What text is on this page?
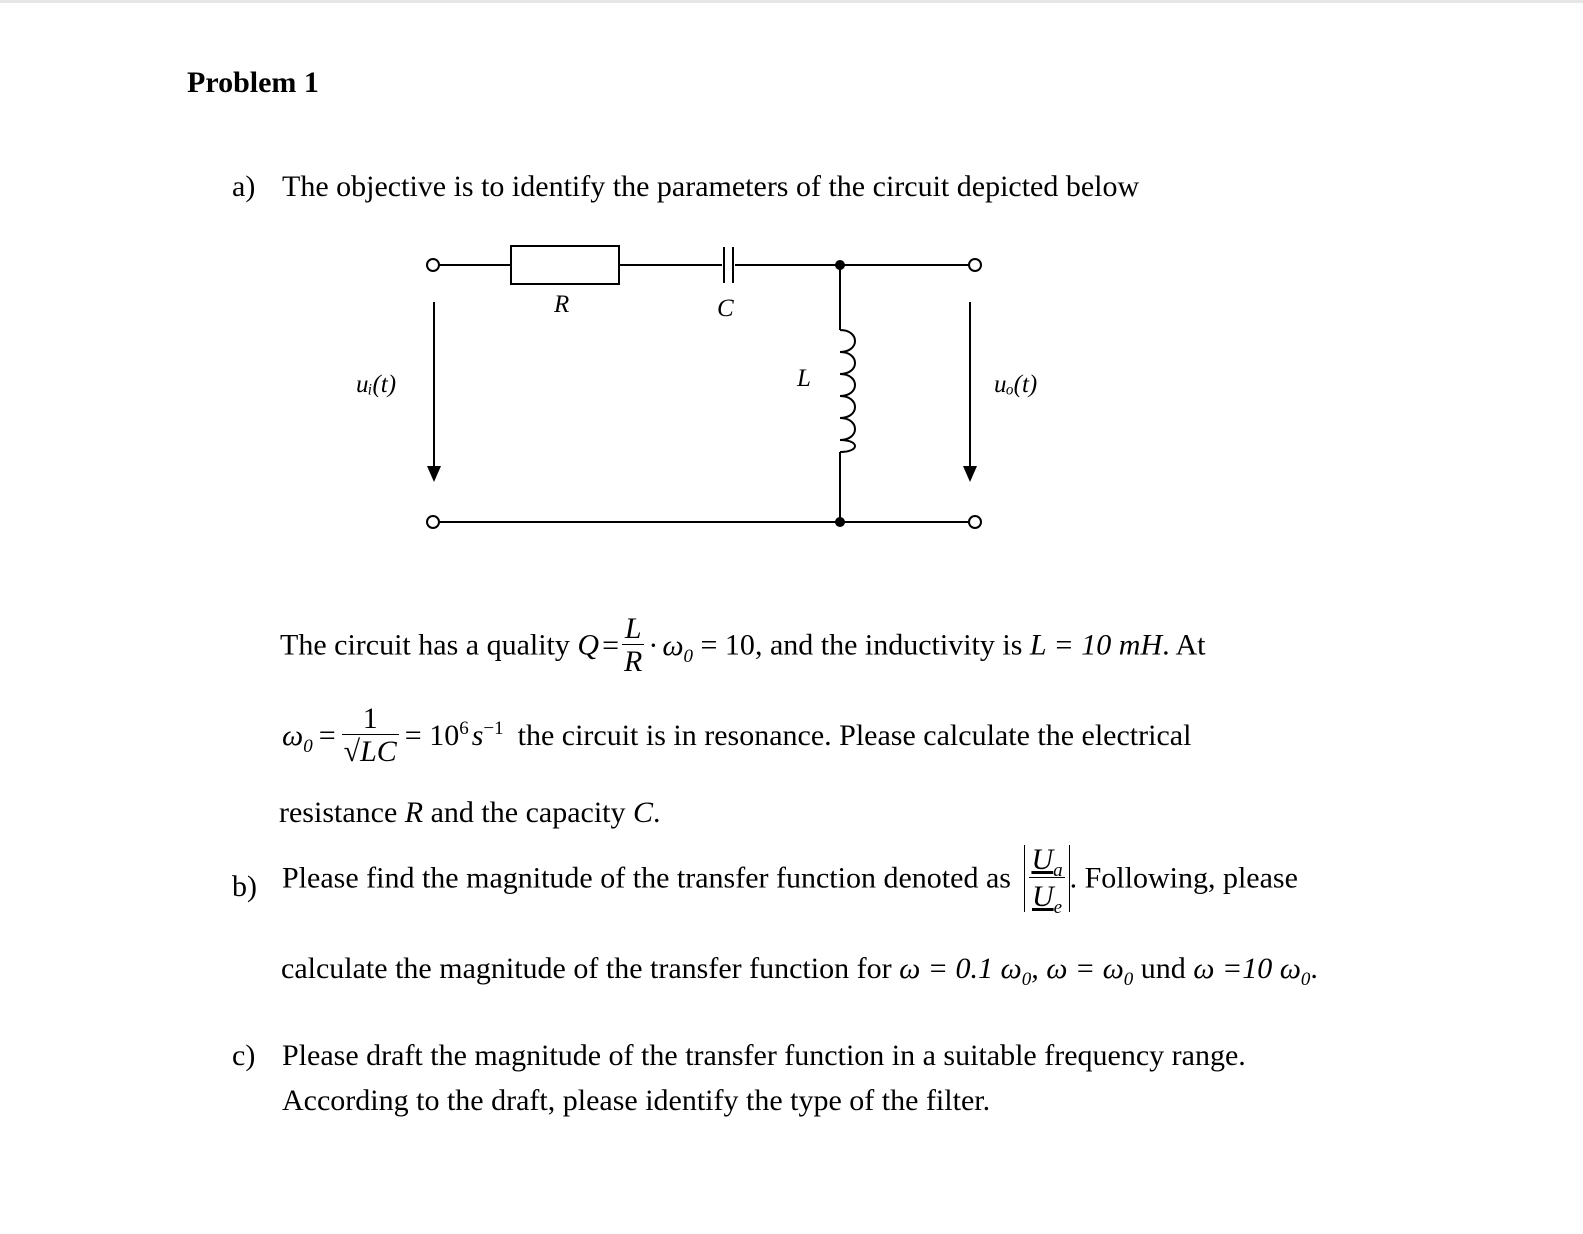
Problem 1
a) The objective is to identify the parameters of the circuit depicted below
R	C
L
uᵢ(t)	uₒ(t)
The circuit has a quality $Q = \frac{L}{R} \cdot \omega_0 = 10$, and the inductivity is L = 10 mH. At
$\omega_0 = \frac{1}{√LC} = 10^6$ $s^{-1}$ the circuit is in resonance. Please calculate the electrical
resistance R and the capacity C.
b) Please find the magnitude of the transfer function denoted as $\frac{U_a}{U_e}$ . Following, please
calculate the magnitude of the transfer function for ω = 0.1 $\omega_0$, $\omega = \omega_0$ und ω =10 $\omega_0$.
c) Please draft the magnitude of the transfer function in a suitable frequency range.
According to the draft, please identify the type of the filter.
